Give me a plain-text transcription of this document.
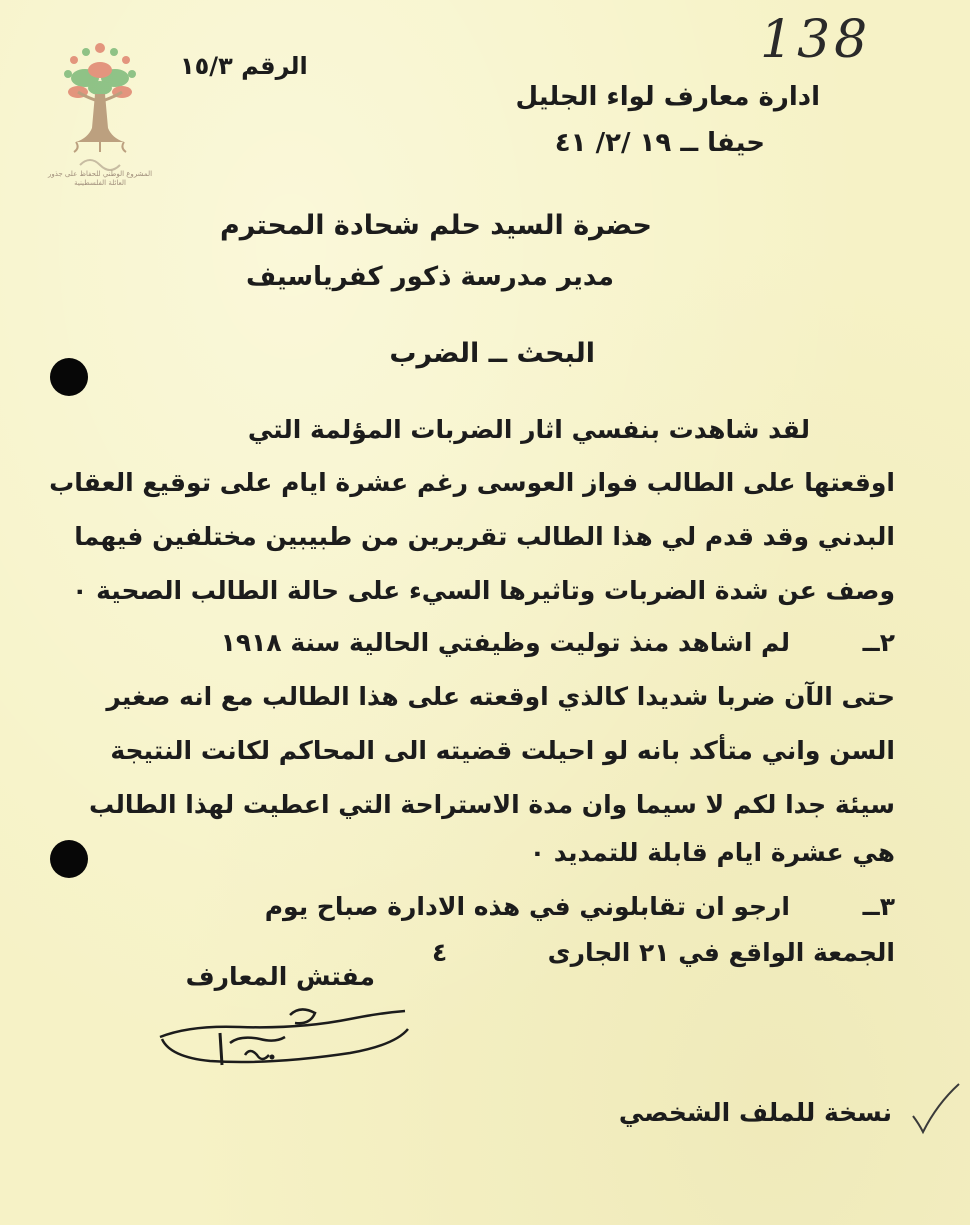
المشروع الوطني للحفاظ على جذور العائلة الفلسطينية
138
الرقم ١٥/٣
ادارة معارف لواء الجليل
حيفا ــ ١٩ /٢/ ٤١
حضرة السيد حلم شحادة المحترم
مدير مدرسة ذكور كفرياسيف
البحث ــ الضرب
لقد شاهدت بنفسي اثار الضربات المؤلمة التي
اوقعتها على الطالب فواز العوسى رغم عشرة ايام على توقيع العقاب
البدني وقد قدم لي هذا الطالب تقريرين من طبيبين مختلفين فيهما
وصف عن شدة الضربات وتاثيرها السيء على حالة الطالب الصحية ٠
٢ــ
لم اشاهد منذ توليت وظيفتي الحالية سنة ١٩١٨
حتى الآن ضربا شديدا كالذي اوقعته على هذا الطالب مع انه صغير
السن واني متأكد بانه لو احيلت قضيته الى المحاكم لكانت النتيجة
سيئة جدا لكم لا سيما وان مدة الاستراحة التي اعطيت لهذا الطالب
هي عشرة ايام قابلة للتمديد ٠
٣ــ
ارجو ان تقابلوني في هذه الادارة صباح يوم
الجمعة الواقع في ٢١ الجارى
٤
مفتش المعارف
نسخة للملف الشخصي
